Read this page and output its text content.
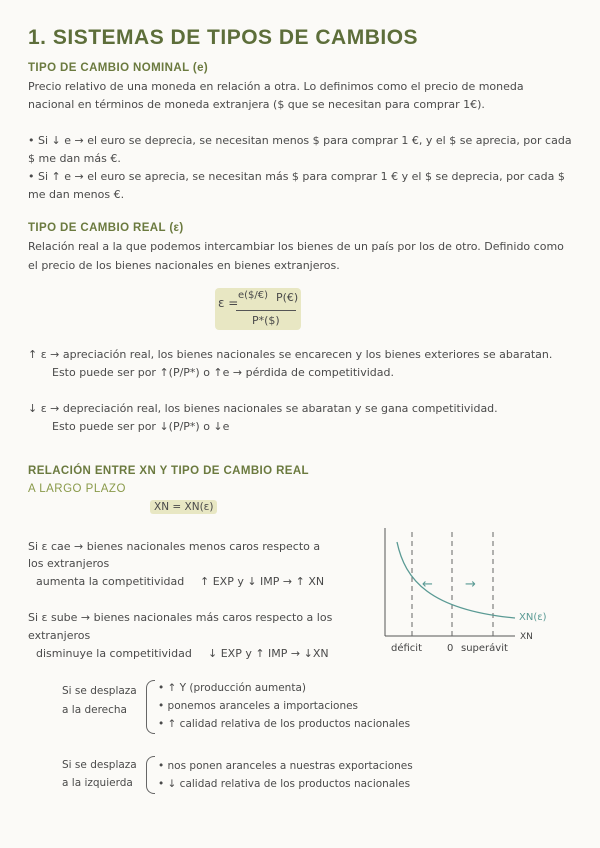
1. SISTEMAS DE TIPOS DE CAMBIOS
TIPO DE CAMBIO NOMINAL (e)
Precio relativo de una moneda en relación a otra. Lo definimos como el precio de moneda
nacional en términos de moneda extranjera ($ que se necesitan para comprar 1€).
• Si ↓ e → el euro se deprecia, se necesitan menos $ para comprar 1 €, y el $ se aprecia, por cada
$ me dan más €.
• Si ↑ e → el euro se aprecia, se necesitan más $ para comprar 1 € y el $ se deprecia, por cada $
me dan menos €.
TIPO DE CAMBIO REAL (ε)
Relación real a la que podemos intercambiar los bienes de un país por los de otro. Definido como
el precio de los bienes nacionales en bienes extranjeros.
ε =
e($/€) P(€)
P*($)
↑ ε → apreciación real, los bienes nacionales se encarecen y los bienes exteriores se abaratan.
Esto puede ser por ↑(P/P*) o ↑e → pérdida de competitividad.
↓ ε → depreciación real, los bienes nacionales se abaratan y se gana competitividad.
Esto puede ser por ↓(P/P*) o ↓e
RELACIÓN ENTRE XN Y TIPO DE CAMBIO REAL
A LARGO PLAZO
XN = XN(ε)
Si ε cae → bienes nacionales menos caros respecto a
los extranjeros
aumenta la competitividad	↑ EXP y ↓ IMP → ↑ XN
Si ε sube → bienes nacionales más caros respecto a los
extranjeros
disminuye la competitividad	↓ EXP y ↑ IMP → ↓XN
← →
XN(ε)
XN
déficit	0 superávit
Si se desplaza
a la derecha
• ↑ Y (producción aumenta)
• ponemos aranceles a importaciones
• ↑ calidad relativa de los productos nacionales
Si se desplaza
a la izquierda
• nos ponen aranceles a nuestras exportaciones
• ↓ calidad relativa de los productos nacionales
